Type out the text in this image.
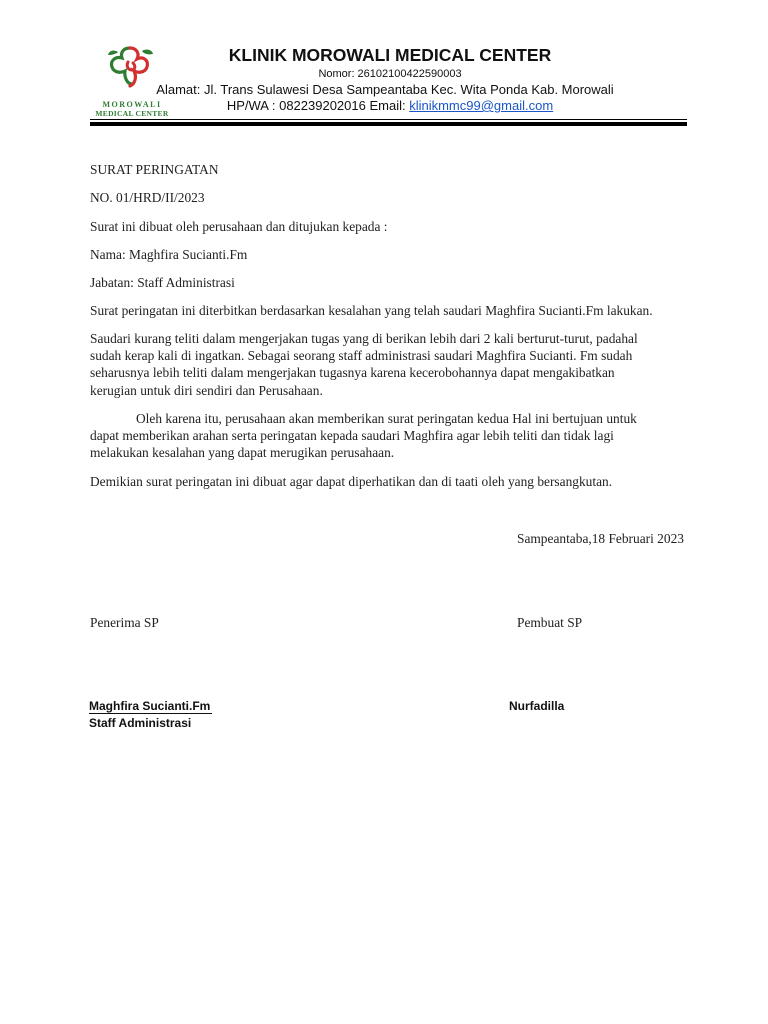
MOROWALI
MEDICAL CENTER
KLINIK MOROWALI MEDICAL CENTER
Nomor: 26102100422590003
Alamat: Jl. Trans Sulawesi Desa Sampeantaba Kec. Wita Ponda Kab. Morowali
HP/WA : 082239202016 Email: klinikmmc99@gmail.com
SURAT PERINGATAN
NO. 01/HRD/II/2023
Surat ini dibuat oleh perusahaan dan ditujukan kepada :
Nama: Maghfira Sucianti.Fm
Jabatan: Staff Administrasi
Surat peringatan ini diterbitkan berdasarkan kesalahan yang telah saudari Maghfira Sucianti.Fm lakukan.
Saudari kurang teliti dalam mengerjakan tugas yang di berikan lebih dari 2 kali berturut-turut, padahal
sudah kerap kali di ingatkan. Sebagai seorang staff administrasi saudari Maghfira Sucianti. Fm sudah
seharusnya lebih teliti dalam mengerjakan tugasnya karena kecerobohannya dapat mengakibatkan
kerugian untuk diri sendiri dan Perusahaan.
Oleh karena itu, perusahaan akan memberikan surat peringatan kedua Hal ini bertujuan untuk
dapat memberikan arahan serta peringatan kepada saudari Maghfira agar lebih teliti dan tidak lagi
melakukan kesalahan yang dapat merugikan perusahaan.
Demikian surat peringatan ini dibuat agar dapat diperhatikan dan di taati oleh yang bersangkutan.
Sampeantaba,18 Februari 2023
Penerima SP	Pembuat SP
Maghfira Sucianti.Fm
Staff Administrasi
Nurfadilla
